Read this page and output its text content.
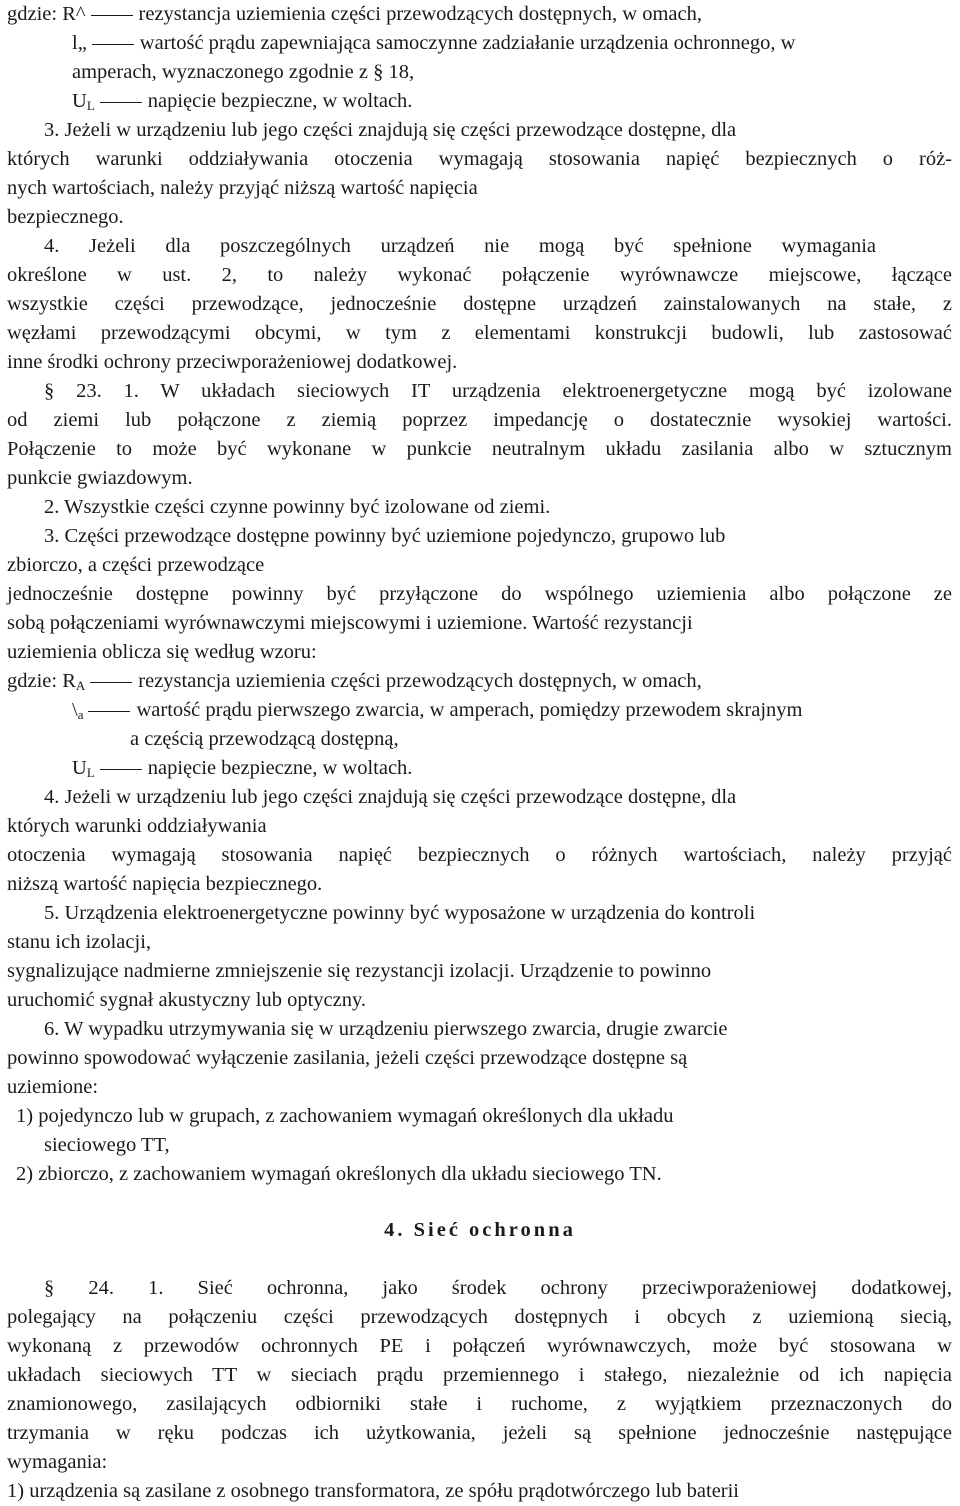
gdzie: R^	rezystancja uziemienia części przewodzących dostępnych, w omach,
l„	wartość prądu zapewniająca samoczynne zadziałanie urządzenia ochronnego, w
amperach, wyznaczonego zgodnie z § 18,
$U_L$	napięcie bezpieczne, w woltach.
3. Jeżeli w urządzeniu lub jego części znajdują się części przewodzące dostępne, dla
których warunki oddziaływania otoczenia wymagają stosowania napięć bezpiecznych o róż-
nych wartościach, należy przyjąć niższą wartość napięcia
bezpiecznego.
4. Jeżeli dla poszczególnych urządzeń nie mogą być spełnione wymagania
określone w ust. 2, to należy wykonać połączenie wyrównawcze miejscowe, łączące
wszystkie części przewodzące, jednocześnie dostępne urządzeń zainstalowanych na stałe, z
węzłami przewodzącymi obcymi, w tym z elementami konstrukcji budowli, lub zastosować
inne środki ochrony przeciwporażeniowej dodatkowej.
§ 23. 1. W układach sieciowych IT urządzenia elektroenergetyczne mogą być izolowane
od ziemi lub połączone z ziemią poprzez impedancję o dostatecznie wysokiej wartości.
Połączenie to może być wykonane w punkcie neutralnym układu zasilania albo w sztucznym
punkcie gwiazdowym.
2. Wszystkie części czynne powinny być izolowane od ziemi.
3. Części przewodzące dostępne powinny być uziemione pojedynczo, grupowo lub
zbiorczo, a części przewodzące
jednocześnie dostępne powinny być przyłączone do wspólnego uziemienia albo połączone ze
sobą połączeniami wyrównawczymi miejscowymi i uziemione. Wartość rezystancji
uziemienia oblicza się według wzoru:
gdzie: $R_A$	rezystancja uziemienia części przewodzących dostępnych, w omach,
$\backslash_a$	wartość prądu pierwszego zwarcia, w amperach, pomiędzy przewodem skrajnym
a częścią przewodzącą dostępną,
$U_L$	napięcie bezpieczne, w woltach.
4. Jeżeli w urządzeniu lub jego części znajdują się części przewodzące dostępne, dla
których warunki oddziaływania
otoczenia wymagają stosowania napięć bezpiecznych o różnych wartościach, należy przyjąć
niższą wartość napięcia bezpiecznego.
5. Urządzenia elektroenergetyczne powinny być wyposażone w urządzenia do kontroli
stanu ich izolacji,
sygnalizujące nadmierne zmniejszenie się rezystancji izolacji. Urządzenie to powinno
uruchomić sygnał akustyczny lub optyczny.
6. W wypadku utrzymywania się w urządzeniu pierwszego zwarcia, drugie zwarcie
powinno spowodować wyłączenie zasilania, jeżeli części przewodzące dostępne są
uziemione:
1) pojedynczo lub w grupach, z zachowaniem wymagań określonych dla układu
sieciowego TT,
2) zbiorczo, z zachowaniem wymagań określonych dla układu sieciowego TN.
4. Sieć ochronna
§ 24. 1. Sieć ochronna, jako środek ochrony przeciwporażeniowej dodatkowej,
polegający na połączeniu części przewodzących dostępnych i obcych z uziemioną siecią,
wykonaną z przewodów ochronnych PE i połączeń wyrównawczych, może być stosowana w
układach sieciowych TT w sieciach prądu przemiennego i stałego, niezależnie od ich napięcia
znamionowego, zasilających odbiorniki stałe i ruchome, z wyjątkiem przeznaczonych do
trzymania w ręku podczas ich użytkowania, jeżeli są spełnione jednocześnie następujące
wymagania:
1) urządzenia są zasilane z osobnego transformatora, ze spółu prądotwórczego lub baterii
